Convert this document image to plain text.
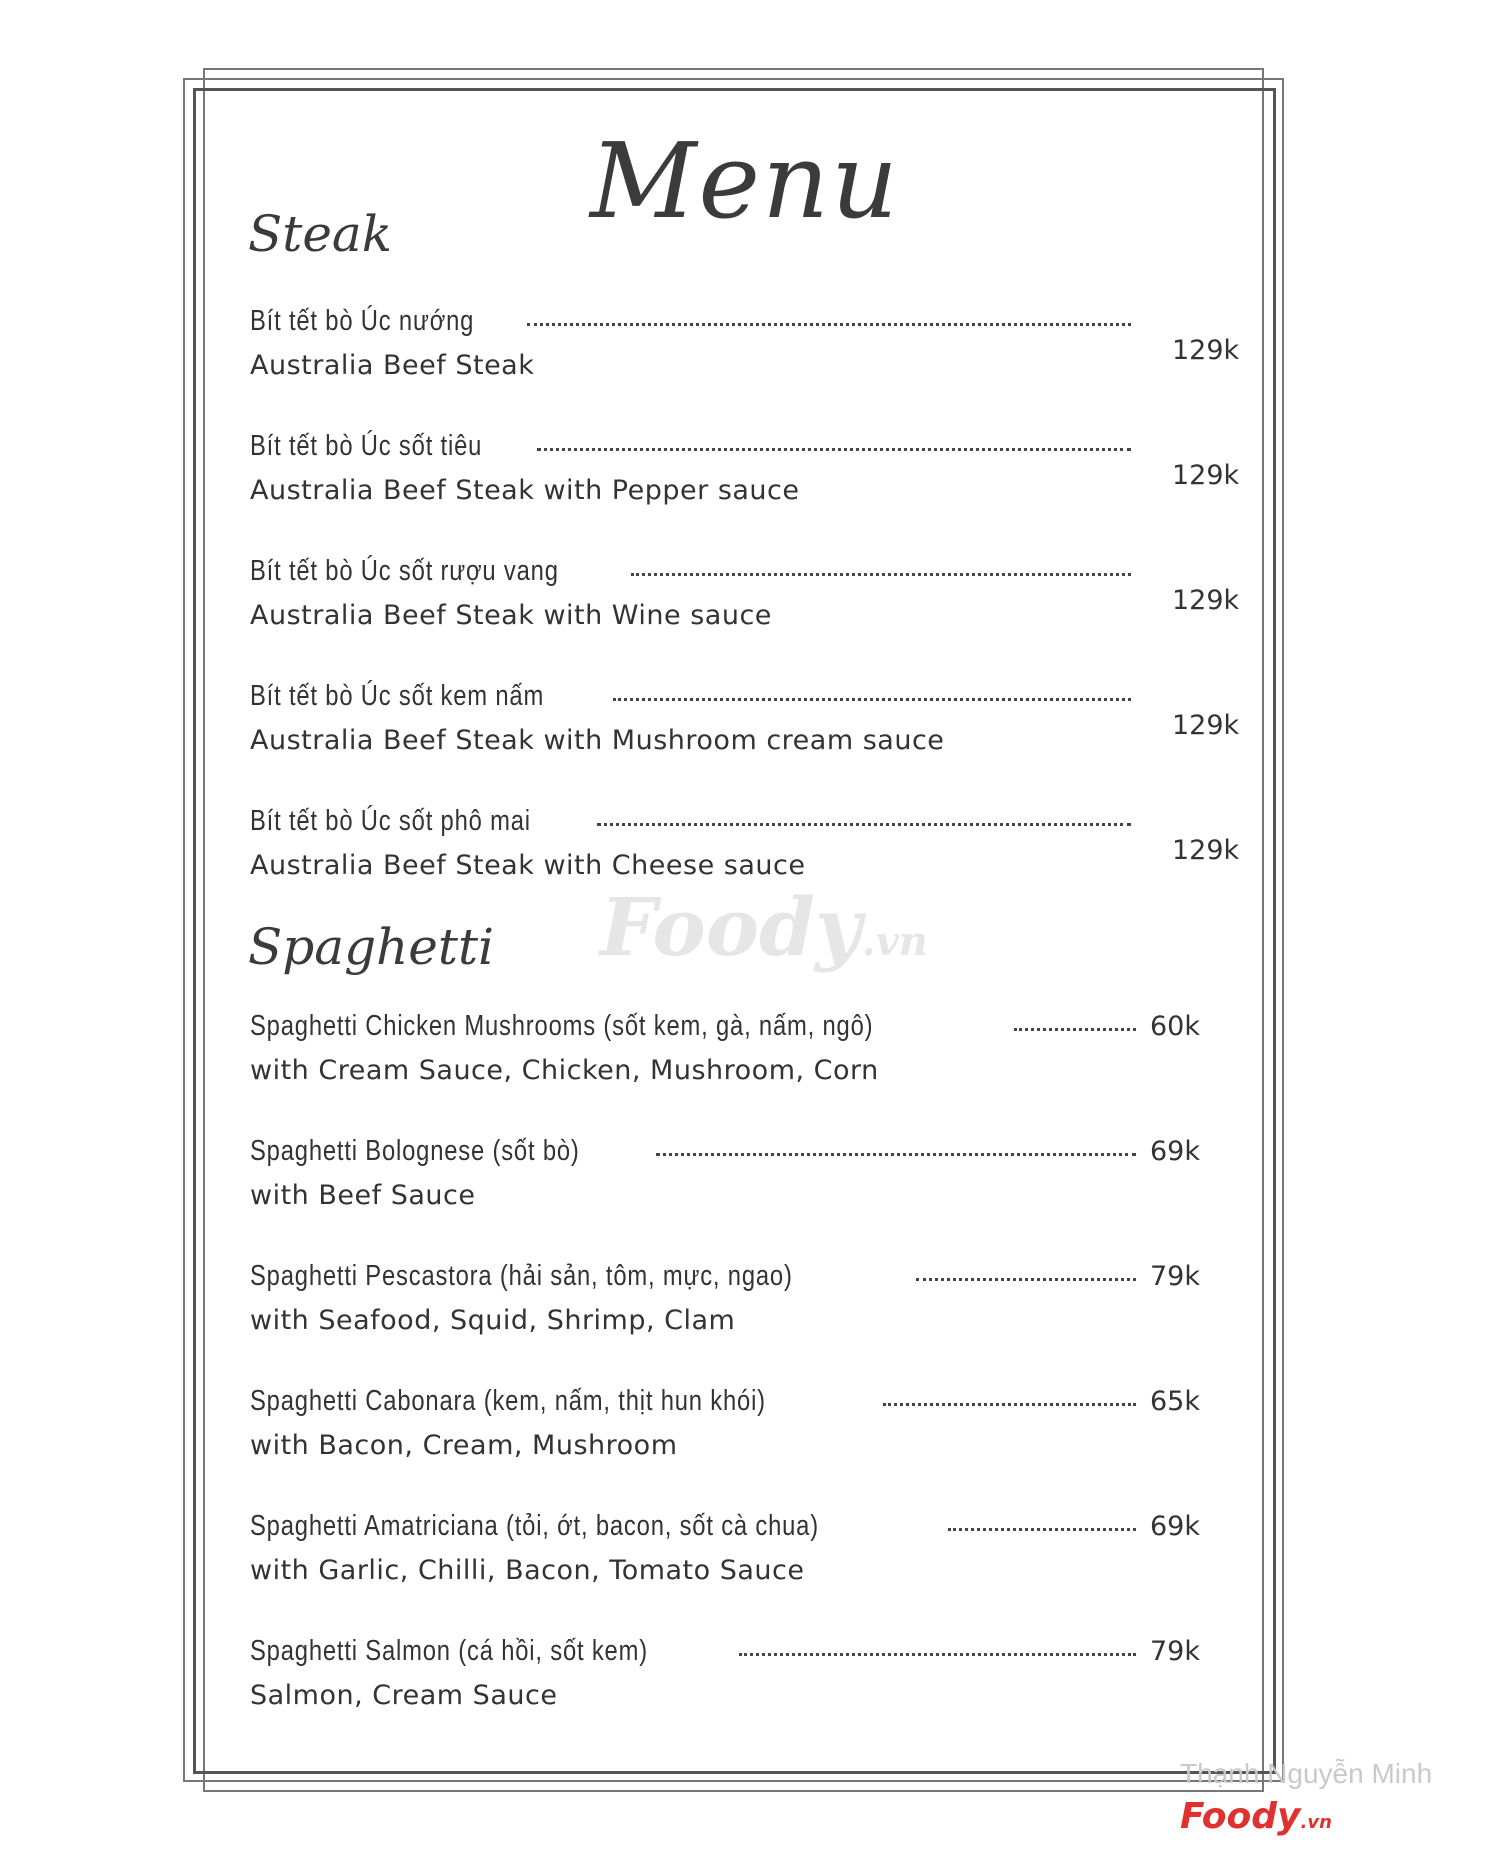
Menu
Steak
Bít tết bò Úc nướng
Australia Beef Steak	129k
Bít tết bò Úc sốt tiêu
Australia Beef Steak with Pepper sauce	129k
Bít tết bò Úc sốt rượu vang
Australia Beef Steak with Wine sauce	129k
Bít tết bò Úc sốt kem nấm
Australia Beef Steak with Mushroom cream sauce	129k
Bít tết bò Úc sốt phô mai
Australia Beef Steak with Cheese sauce	129k
Foody.vn
Spaghetti
Spaghetti Chicken Mushrooms (sốt kem, gà, nấm, ngô)	60k
with Cream Sauce, Chicken, Mushroom, Corn
Spaghetti Bolognese (sốt bò)	69k
with Beef Sauce
Spaghetti Pescastora (hải sản, tôm, mực, ngao)	79k
with Seafood, Squid, Shrimp, Clam
Spaghetti Cabonara (kem, nấm, thịt hun khói)	65k
with Bacon, Cream, Mushroom
Spaghetti Amatriciana (tỏi, ớt, bacon, sốt cà chua)	69k
with Garlic, Chilli, Bacon, Tomato Sauce
Spaghetti Salmon (cá hồi, sốt kem)	79k
Salmon, Cream Sauce
Thạnh Nguyễn Minh
Foody.vn
